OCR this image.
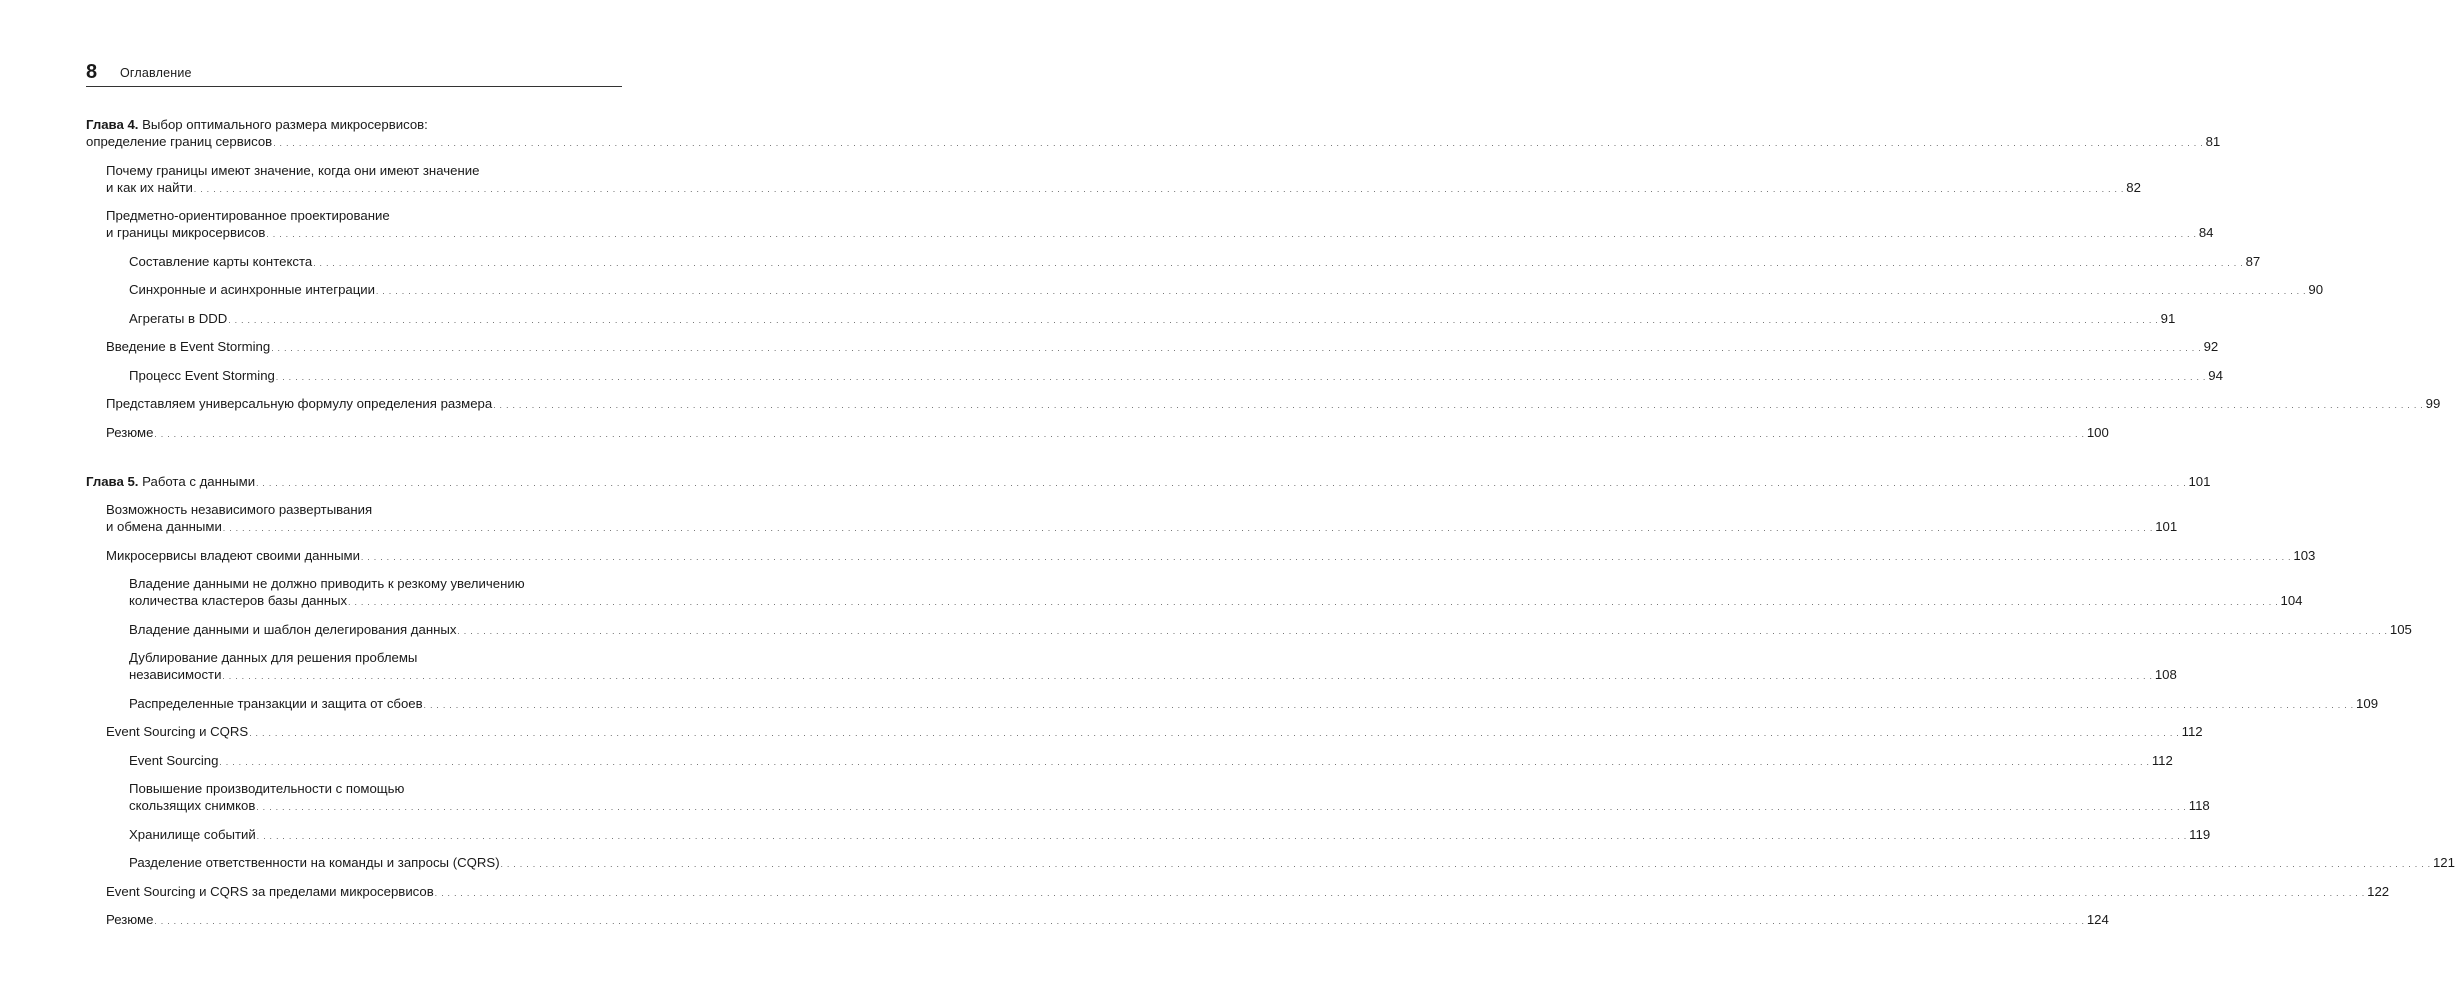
8 Оглавление
Глава 4. Выбор оптимального размера микросервисов:
определение границ сервисов . . . . . . . . . . . . . . . . . . . . . . . . . . . . . . . . . . . . . . . . . . . . . . . . . . . . . . . . . . . . . . . . . . . . . . . . . . . . . . . . . . . . . . . . . . . . . . . . . . . . . . . . . . . . . . . . . . . . . . . . . . . . . . . . . . . . . . . . . . . . . . . . . . . . . . . . . . . . . . . . . . . . . . . . . . . . . . . . . . . . . . . . . . . . . . . . . . . . . . . . . . . . . . . . . . . . . . . . . . . . . . . . . . . . . . . . . . . . . . . . . . . . . . . . . . . . . . . . . . . . . . . . . . . . . . . . . . . . . . . . . . . . . . . . . . . . . . . . . . . . 81
Почему границы имеют значение, когда они имеют значение
и как их найти . . . . . . . . . . . . . . . . . . . . . . . . . . . . . . . . . . . . . . . . . . . . . . . . . . . . . . . . . . . . . . . . . . . . . . . . . . . . . . . . . . . . . . . . . . . . . . . . . . . . . . . . . . . . . . . . . . . . . . . . . . . . . . . . . . . . . . . . . . . . . . . . . . . . . . . . . . . . . . . . . . . . . . . . . . . . . . . . . . . . . . . . . . . . . . . . . . . . . . . . . . . . . . . . . . . . . . . . . . . . . . . . . . . . . . . . . . . . . . . . . . . . . . . . . . . . . . . . . . . . . . . . . . . . . . . . . . . . . . . . . . . . . . . . . . . . . . . . . . . . 82
Предметно-ориентированное проектирование
и границы микросервисов . . . . . . . . . . . . . . . . . . . . . . . . . . . . . . . . . . . . . . . . . . . . . . . . . . . . . . . . . . . . . . . . . . . . . . . . . . . . . . . . . . . . . . . . . . . . . . . . . . . . . . . . . . . . . . . . . . . . . . . . . . . . . . . . . . . . . . . . . . . . . . . . . . . . . . . . . . . . . . . . . . . . . . . . . . . . . . . . . . . . . . . . . . . . . . . . . . . . . . . . . . . . . . . . . . . . . . . . . . . . . . . . . . . . . . . . . . . . . . . . . . . . . . . . . . . . . . . . . . . . . . . . . . . . . . . . . . . . . . . . . . . . . . . . . . . . . . . . . . . . 84
Составление карты контекста . . . . . . . . . . . . . . . . . . . . . . . . . . . . . . . . . . . . . . . . . . . . . . . . . . . . . . . . . . . . . . . . . . . . . . . . . . . . . . . . . . . . . . . . . . . . . . . . . . . . . . . . . . . . . . . . . . . . . . . . . . . . . . . . . . . . . . . . . . . . . . . . . . . . . . . . . . . . . . . . . . . . . . . . . . . . . . . . . . . . . . . . . . . . . . . . . . . . . . . . . . . . . . . . . . . . . . . . . . . . . . . . . . . . . . . . . . . . . . . . . . . . . . . . . . . . . . . . . . . . . . . . . . . . . . . . . . . . . . . . . . . . . . . . . . . . . . . . . . . . 87
Синхронные и асинхронные интеграции . . . . . . . . . . . . . . . . . . . . . . . . . . . . . . . . . . . . . . . . . . . . . . . . . . . . . . . . . . . . . . . . . . . . . . . . . . . . . . . . . . . . . . . . . . . . . . . . . . . . . . . . . . . . . . . . . . . . . . . . . . . . . . . . . . . . . . . . . . . . . . . . . . . . . . . . . . . . . . . . . . . . . . . . . . . . . . . . . . . . . . . . . . . . . . . . . . . . . . . . . . . . . . . . . . . . . . . . . . . . . . . . . . . . . . . . . . . . . . . . . . . . . . . . . . . . . . . . . . . . . . . . . . . . . . . . . . . . . . . . . . . . . . . . . . . . . . . . . . . . 90
Агрегаты в DDD . . . . . . . . . . . . . . . . . . . . . . . . . . . . . . . . . . . . . . . . . . . . . . . . . . . . . . . . . . . . . . . . . . . . . . . . . . . . . . . . . . . . . . . . . . . . . . . . . . . . . . . . . . . . . . . . . . . . . . . . . . . . . . . . . . . . . . . . . . . . . . . . . . . . . . . . . . . . . . . . . . . . . . . . . . . . . . . . . . . . . . . . . . . . . . . . . . . . . . . . . . . . . . . . . . . . . . . . . . . . . . . . . . . . . . . . . . . . . . . . . . . . . . . . . . . . . . . . . . . . . . . . . . . . . . . . . . . . . . . . . . . . . . . . . . . . . . . . . . . . 91
Введение в Event Storming . . . . . . . . . . . . . . . . . . . . . . . . . . . . . . . . . . . . . . . . . . . . . . . . . . . . . . . . . . . . . . . . . . . . . . . . . . . . . . . . . . . . . . . . . . . . . . . . . . . . . . . . . . . . . . . . . . . . . . . . . . . . . . . . . . . . . . . . . . . . . . . . . . . . . . . . . . . . . . . . . . . . . . . . . . . . . . . . . . . . . . . . . . . . . . . . . . . . . . . . . . . . . . . . . . . . . . . . . . . . . . . . . . . . . . . . . . . . . . . . . . . . . . . . . . . . . . . . . . . . . . . . . . . . . . . . . . . . . . . . . . . . . . . . . . . . . . . . . . . . 92
Процесс Event Storming . . . . . . . . . . . . . . . . . . . . . . . . . . . . . . . . . . . . . . . . . . . . . . . . . . . . . . . . . . . . . . . . . . . . . . . . . . . . . . . . . . . . . . . . . . . . . . . . . . . . . . . . . . . . . . . . . . . . . . . . . . . . . . . . . . . . . . . . . . . . . . . . . . . . . . . . . . . . . . . . . . . . . . . . . . . . . . . . . . . . . . . . . . . . . . . . . . . . . . . . . . . . . . . . . . . . . . . . . . . . . . . . . . . . . . . . . . . . . . . . . . . . . . . . . . . . . . . . . . . . . . . . . . . . . . . . . . . . . . . . . . . . . . . . . . . . . . . . . . . . 94
Представляем универсальную формулу определения размера . . . . . . . . . . . . . . . . . . . . . . . . . . . . . . . . . . . . . . . . . . . . . . . . . . . . . . . . . . . . . . . . . . . . . . . . . . . . . . . . . . . . . . . . . . . . . . . . . . . . . . . . . . . . . . . . . . . . . . . . . . . . . . . . . . . . . . . . . . . . . . . . . . . . . . . . . . . . . . . . . . . . . . . . . . . . . . . . . . . . . . . . . . . . . . . . . . . . . . . . . . . . . . . . . . . . . . . . . . . . . . . . . . . . . . . . . . . . . . . . . . . . . . . . . . . . . . . . . . . . . . . . . . . . . . . . . . . . . . . . . . . . . . . . . . . . . . . . . . . . 99
Резюме . . . . . . . . . . . . . . . . . . . . . . . . . . . . . . . . . . . . . . . . . . . . . . . . . . . . . . . . . . . . . . . . . . . . . . . . . . . . . . . . . . . . . . . . . . . . . . . . . . . . . . . . . . . . . . . . . . . . . . . . . . . . . . . . . . . . . . . . . . . . . . . . . . . . . . . . . . . . . . . . . . . . . . . . . . . . . . . . . . . . . . . . . . . . . . . . . . . . . . . . . . . . . . . . . . . . . . . . . . . . . . . . . . . . . . . . . . . . . . . . . . . . . . . . . . . . . . . . . . . . . . . . . . . . . . . . . . . . . . . . . . . . . . . . . . . . . . . . . . . . 100
Глава 5. Работа с данными . . . . . . . . . . . . . . . . . . . . . . . . . . . . . . . . . . . . . . . . . . . . . . . . . . . . . . . . . . . . . . . . . . . . . . . . . . . . . . . . . . . . . . . . . . . . . . . . . . . . . . . . . . . . . . . . . . . . . . . . . . . . . . . . . . . . . . . . . . . . . . . . . . . . . . . . . . . . . . . . . . . . . . . . . . . . . . . . . . . . . . . . . . . . . . . . . . . . . . . . . . . . . . . . . . . . . . . . . . . . . . . . . . . . . . . . . . . . . . . . . . . . . . . . . . . . . . . . . . . . . . . . . . . . . . . . . . . . . . . . . . . . . . . . . . . . . . . . . . . . 101
Возможность независимого развертывания
и обмена данными . . . . . . . . . . . . . . . . . . . . . . . . . . . . . . . . . . . . . . . . . . . . . . . . . . . . . . . . . . . . . . . . . . . . . . . . . . . . . . . . . . . . . . . . . . . . . . . . . . . . . . . . . . . . . . . . . . . . . . . . . . . . . . . . . . . . . . . . . . . . . . . . . . . . . . . . . . . . . . . . . . . . . . . . . . . . . . . . . . . . . . . . . . . . . . . . . . . . . . . . . . . . . . . . . . . . . . . . . . . . . . . . . . . . . . . . . . . . . . . . . . . . . . . . . . . . . . . . . . . . . . . . . . . . . . . . . . . . . . . . . . . . . . . . . . . . . . . . . . . . 101
Микросервисы владеют своими данными . . . . . . . . . . . . . . . . . . . . . . . . . . . . . . . . . . . . . . . . . . . . . . . . . . . . . . . . . . . . . . . . . . . . . . . . . . . . . . . . . . . . . . . . . . . . . . . . . . . . . . . . . . . . . . . . . . . . . . . . . . . . . . . . . . . . . . . . . . . . . . . . . . . . . . . . . . . . . . . . . . . . . . . . . . . . . . . . . . . . . . . . . . . . . . . . . . . . . . . . . . . . . . . . . . . . . . . . . . . . . . . . . . . . . . . . . . . . . . . . . . . . . . . . . . . . . . . . . . . . . . . . . . . . . . . . . . . . . . . . . . . . . . . . . . . . . . . . . . . . 103
Владение данными не должно приводить к резкому увеличению
количества кластеров базы данных . . . . . . . . . . . . . . . . . . . . . . . . . . . . . . . . . . . . . . . . . . . . . . . . . . . . . . . . . . . . . . . . . . . . . . . . . . . . . . . . . . . . . . . . . . . . . . . . . . . . . . . . . . . . . . . . . . . . . . . . . . . . . . . . . . . . . . . . . . . . . . . . . . . . . . . . . . . . . . . . . . . . . . . . . . . . . . . . . . . . . . . . . . . . . . . . . . . . . . . . . . . . . . . . . . . . . . . . . . . . . . . . . . . . . . . . . . . . . . . . . . . . . . . . . . . . . . . . . . . . . . . . . . . . . . . . . . . . . . . . . . . . . . . . . . . . . . . . . . . . 104
Владение данными и шаблон делегирования данных . . . . . . . . . . . . . . . . . . . . . . . . . . . . . . . . . . . . . . . . . . . . . . . . . . . . . . . . . . . . . . . . . . . . . . . . . . . . . . . . . . . . . . . . . . . . . . . . . . . . . . . . . . . . . . . . . . . . . . . . . . . . . . . . . . . . . . . . . . . . . . . . . . . . . . . . . . . . . . . . . . . . . . . . . . . . . . . . . . . . . . . . . . . . . . . . . . . . . . . . . . . . . . . . . . . . . . . . . . . . . . . . . . . . . . . . . . . . . . . . . . . . . . . . . . . . . . . . . . . . . . . . . . . . . . . . . . . . . . . . . . . . . . . . . . . . . . . . . . . . 105
Дублирование данных для решения проблемы
независимости . . . . . . . . . . . . . . . . . . . . . . . . . . . . . . . . . . . . . . . . . . . . . . . . . . . . . . . . . . . . . . . . . . . . . . . . . . . . . . . . . . . . . . . . . . . . . . . . . . . . . . . . . . . . . . . . . . . . . . . . . . . . . . . . . . . . . . . . . . . . . . . . . . . . . . . . . . . . . . . . . . . . . . . . . . . . . . . . . . . . . . . . . . . . . . . . . . . . . . . . . . . . . . . . . . . . . . . . . . . . . . . . . . . . . . . . . . . . . . . . . . . . . . . . . . . . . . . . . . . . . . . . . . . . . . . . . . . . . . . . . . . . . . . . . . . . . . . . . . . . 108
Распределенные транзакции и защита от сбоев . . . . . . . . . . . . . . . . . . . . . . . . . . . . . . . . . . . . . . . . . . . . . . . . . . . . . . . . . . . . . . . . . . . . . . . . . . . . . . . . . . . . . . . . . . . . . . . . . . . . . . . . . . . . . . . . . . . . . . . . . . . . . . . . . . . . . . . . . . . . . . . . . . . . . . . . . . . . . . . . . . . . . . . . . . . . . . . . . . . . . . . . . . . . . . . . . . . . . . . . . . . . . . . . . . . . . . . . . . . . . . . . . . . . . . . . . . . . . . . . . . . . . . . . . . . . . . . . . . . . . . . . . . . . . . . . . . . . . . . . . . . . . . . . . . . . . . . . . . . . 109
Event Sourcing и CQRS . . . . . . . . . . . . . . . . . . . . . . . . . . . . . . . . . . . . . . . . . . . . . . . . . . . . . . . . . . . . . . . . . . . . . . . . . . . . . . . . . . . . . . . . . . . . . . . . . . . . . . . . . . . . . . . . . . . . . . . . . . . . . . . . . . . . . . . . . . . . . . . . . . . . . . . . . . . . . . . . . . . . . . . . . . . . . . . . . . . . . . . . . . . . . . . . . . . . . . . . . . . . . . . . . . . . . . . . . . . . . . . . . . . . . . . . . . . . . . . . . . . . . . . . . . . . . . . . . . . . . . . . . . . . . . . . . . . . . . . . . . . . . . . . . . . . . . . . . . . . 112
Event Sourcing . . . . . . . . . . . . . . . . . . . . . . . . . . . . . . . . . . . . . . . . . . . . . . . . . . . . . . . . . . . . . . . . . . . . . . . . . . . . . . . . . . . . . . . . . . . . . . . . . . . . . . . . . . . . . . . . . . . . . . . . . . . . . . . . . . . . . . . . . . . . . . . . . . . . . . . . . . . . . . . . . . . . . . . . . . . . . . . . . . . . . . . . . . . . . . . . . . . . . . . . . . . . . . . . . . . . . . . . . . . . . . . . . . . . . . . . . . . . . . . . . . . . . . . . . . . . . . . . . . . . . . . . . . . . . . . . . . . . . . . . . . . . . . . . . . . . . . . . . . . . 112
Повышение производительности с помощью
скользящих снимков . . . . . . . . . . . . . . . . . . . . . . . . . . . . . . . . . . . . . . . . . . . . . . . . . . . . . . . . . . . . . . . . . . . . . . . . . . . . . . . . . . . . . . . . . . . . . . . . . . . . . . . . . . . . . . . . . . . . . . . . . . . . . . . . . . . . . . . . . . . . . . . . . . . . . . . . . . . . . . . . . . . . . . . . . . . . . . . . . . . . . . . . . . . . . . . . . . . . . . . . . . . . . . . . . . . . . . . . . . . . . . . . . . . . . . . . . . . . . . . . . . . . . . . . . . . . . . . . . . . . . . . . . . . . . . . . . . . . . . . . . . . . . . . . . . . . . . . . . . . . 118
Хранилище событий . . . . . . . . . . . . . . . . . . . . . . . . . . . . . . . . . . . . . . . . . . . . . . . . . . . . . . . . . . . . . . . . . . . . . . . . . . . . . . . . . . . . . . . . . . . . . . . . . . . . . . . . . . . . . . . . . . . . . . . . . . . . . . . . . . . . . . . . . . . . . . . . . . . . . . . . . . . . . . . . . . . . . . . . . . . . . . . . . . . . . . . . . . . . . . . . . . . . . . . . . . . . . . . . . . . . . . . . . . . . . . . . . . . . . . . . . . . . . . . . . . . . . . . . . . . . . . . . . . . . . . . . . . . . . . . . . . . . . . . . . . . . . . . . . . . . . . . . . . . . 119
Разделение ответственности на команды и запросы (CQRS) . . . . . . . . . . . . . . . . . . . . . . . . . . . . . . . . . . . . . . . . . . . . . . . . . . . . . . . . . . . . . . . . . . . . . . . . . . . . . . . . . . . . . . . . . . . . . . . . . . . . . . . . . . . . . . . . . . . . . . . . . . . . . . . . . . . . . . . . . . . . . . . . . . . . . . . . . . . . . . . . . . . . . . . . . . . . . . . . . . . . . . . . . . . . . . . . . . . . . . . . . . . . . . . . . . . . . . . . . . . . . . . . . . . . . . . . . . . . . . . . . . . . . . . . . . . . . . . . . . . . . . . . . . . . . . . . . . . . . . . . . . . . . . . . . . . . . . . . . . . . 121
Event Sourcing и CQRS за пределами микросервисов . . . . . . . . . . . . . . . . . . . . . . . . . . . . . . . . . . . . . . . . . . . . . . . . . . . . . . . . . . . . . . . . . . . . . . . . . . . . . . . . . . . . . . . . . . . . . . . . . . . . . . . . . . . . . . . . . . . . . . . . . . . . . . . . . . . . . . . . . . . . . . . . . . . . . . . . . . . . . . . . . . . . . . . . . . . . . . . . . . . . . . . . . . . . . . . . . . . . . . . . . . . . . . . . . . . . . . . . . . . . . . . . . . . . . . . . . . . . . . . . . . . . . . . . . . . . . . . . . . . . . . . . . . . . . . . . . . . . . . . . . . . . . . . . . . . . . . . . . . . . 122
Резюме . . . . . . . . . . . . . . . . . . . . . . . . . . . . . . . . . . . . . . . . . . . . . . . . . . . . . . . . . . . . . . . . . . . . . . . . . . . . . . . . . . . . . . . . . . . . . . . . . . . . . . . . . . . . . . . . . . . . . . . . . . . . . . . . . . . . . . . . . . . . . . . . . . . . . . . . . . . . . . . . . . . . . . . . . . . . . . . . . . . . . . . . . . . . . . . . . . . . . . . . . . . . . . . . . . . . . . . . . . . . . . . . . . . . . . . . . . . . . . . . . . . . . . . . . . . . . . . . . . . . . . . . . . . . . . . . . . . . . . . . . . . . . . . . . . . . . . . . . . . . 124
